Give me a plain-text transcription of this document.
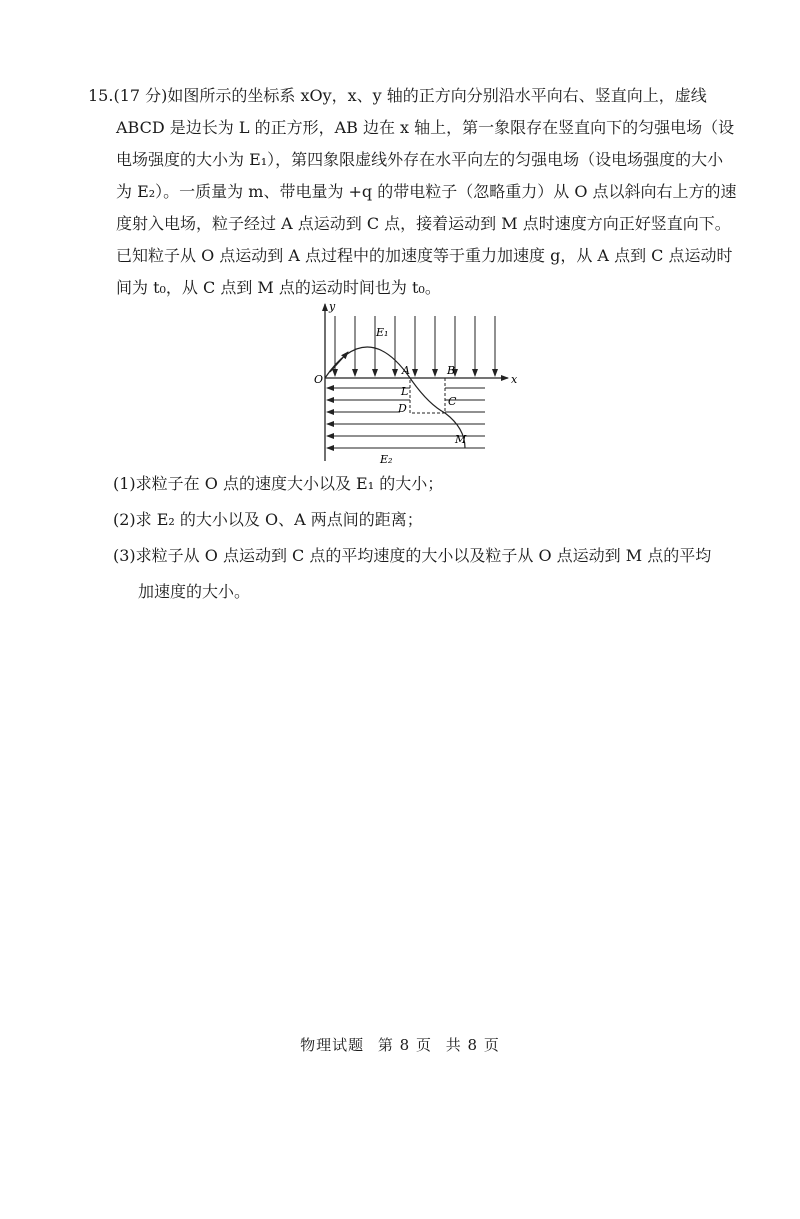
15.(17 分)如图所示的坐标系 xOy，x、y 轴的正方向分别沿水平向右、竖直向上，虚线
ABCD 是边长为 L 的正方形，AB 边在 x 轴上，第一象限存在竖直向下的匀强电场（设
电场强度的大小为 E₁），第四象限虚线外存在水平向左的匀强电场（设电场强度的大小
为 E₂）。一质量为 m、带电量为 +q 的带电粒子（忽略重力）从 O 点以斜向右上方的速
度射入电场，粒子经过 A 点运动到 C 点，接着运动到 M 点时速度方向正好竖直向下。
已知粒子从 O 点运动到 A 点过程中的加速度等于重力加速度 g，从 A 点到 C 点运动时
间为 t₀，从 C 点到 M 点的运动时间也为 t₀。

y
x
O
A	B
C
D
L
M
E₁
E₂

(1)求粒子在 O 点的速度大小以及 E₁ 的大小；

(2)求 E₂ 的大小以及 O、A 两点间的距离；

(3)求粒子从 O 点运动到 C 点的平均速度的大小以及粒子从 O 点运动到 M 点的平均

加速度的大小。

物理试题 第 8 页 共 8 页
